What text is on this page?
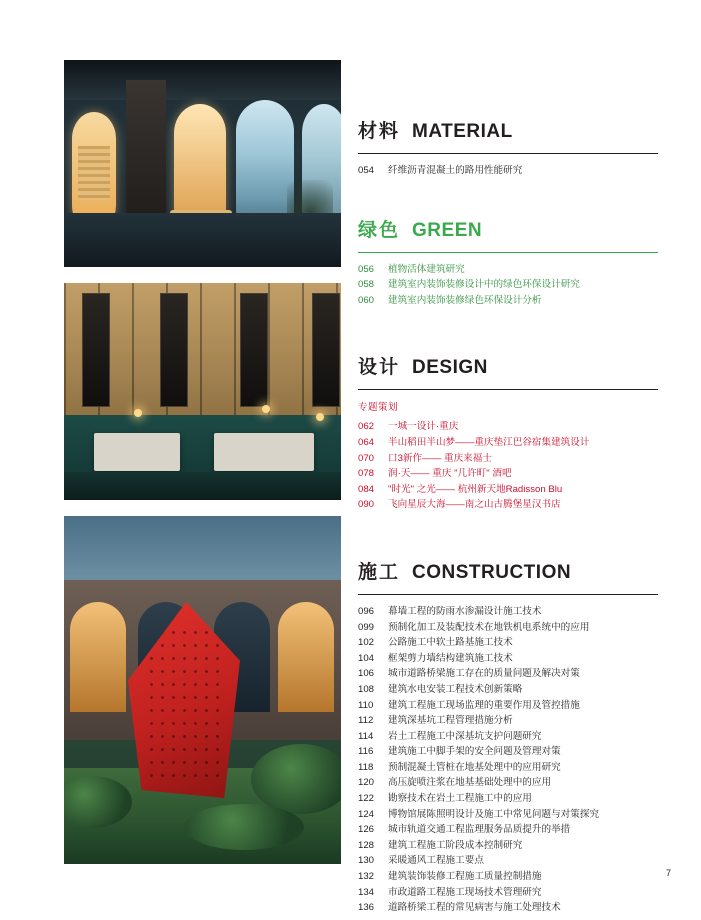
材料 MATERIAL
054	纤维沥青混凝土的路用性能研究
绿色 GREEN
056	植物活体建筑研究
058	建筑室内装饰装修设计中的绿色环保设计研究
060	建筑室内装饰装修绿色环保设计分析
设计 DESIGN
专题策划
062	一城一设计·重庆
064	半山稻田半山梦——重庆垫江巴谷宿集建筑设计
070	口3新作—— 重庆来福士
078	润·天—— 重庆 "几许町" 酒吧
084	"时光" 之光—— 杭州新天地Radisson Blu
090	飞向星辰大海——南之山古腾堡星汉书店
施工 CONSTRUCTION
096	幕墙工程的防雨水渗漏设计施工技术
099	预制化加工及装配技术在地铁机电系统中的应用
102	公路施工中软土路基施工技术
104	框架剪力墙结构建筑施工技术
106	城市道路桥梁施工存在的质量问题及解决对策
108	建筑水电安装工程技术创新策略
110	建筑工程施工现场监理的重要作用及管控措施
112	建筑深基坑工程管理措施分析
114	岩土工程施工中深基坑支护问题研究
116	建筑施工中脚手架的安全问题及管理对策
118	预制混凝土管桩在地基处理中的应用研究
120	高压旋喷注浆在地基基础处理中的应用
122	勘察技术在岩土工程施工中的应用
124	博物馆展陈照明设计及施工中常见问题与对策探究
126	城市轨道交通工程监理服务品质提升的举措
128	建筑工程施工阶段成本控制研究
130	采暖通风工程施工要点
132	建筑装饰装修工程施工质量控制措施
134	市政道路工程施工现场技术管理研究
136	道路桥梁工程的常见病害与施工处理技术
7
